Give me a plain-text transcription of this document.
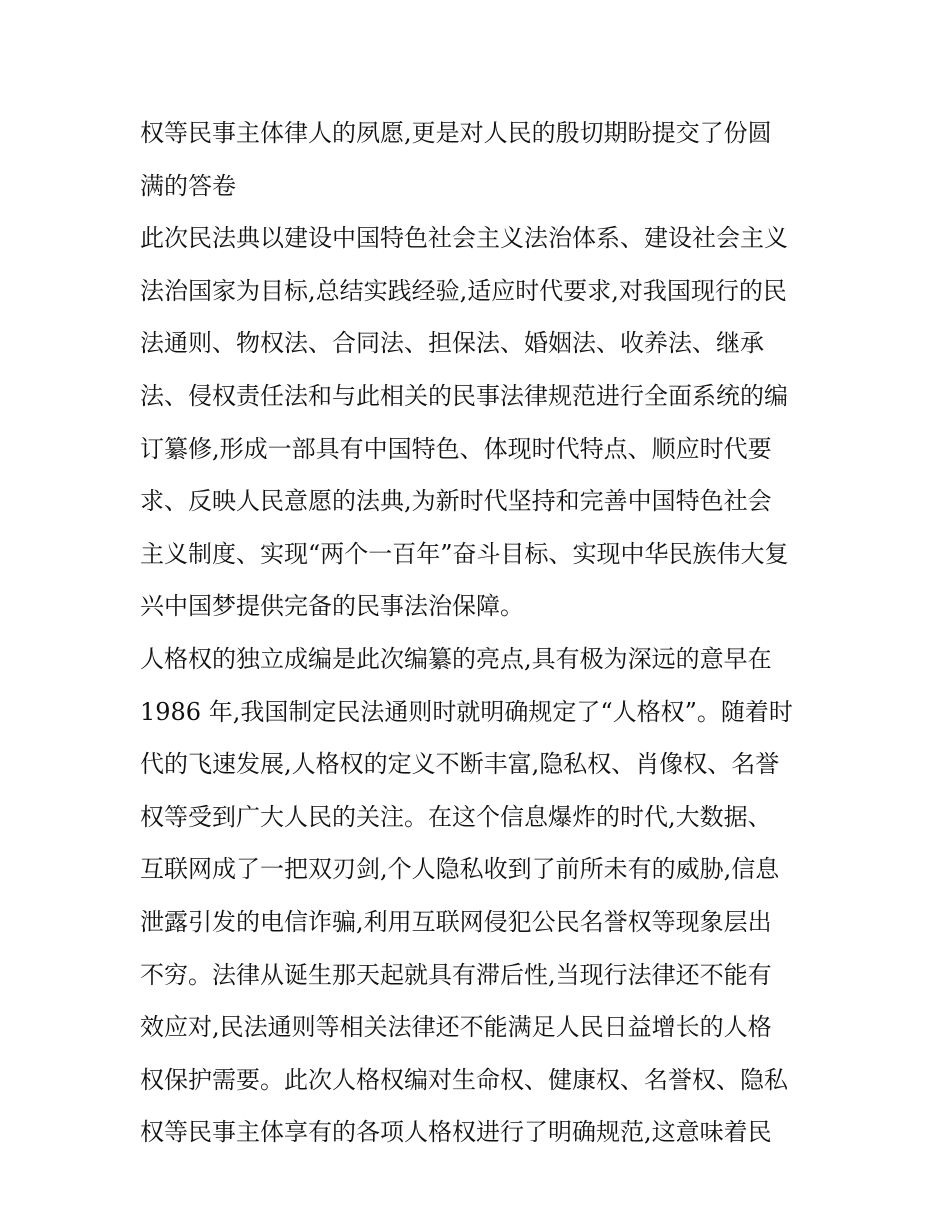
权等民事主体律人的夙愿,更是对人民的殷切期盼提交了份圆
满的答卷
此次民法典以建设中国特色社会主义法治体系、建设社会主义
法治国家为目标,总结实践经验,适应时代要求,对我国现行的民
法通则、物权法、合同法、担保法、婚姻法、收养法、继承
法、侵权责任法和与此相关的民事法律规范进行全面系统的编
订纂修,形成一部具有中国特色、体现时代特点、顺应时代要
求、反映人民意愿的法典,为新时代坚持和完善中国特色社会
主义制度、实现“两个一百年”奋斗目标、实现中华民族伟大复
兴中国梦提供完备的民事法治保障。
人格权的独立成编是此次编纂的亮点,具有极为深远的意早在
1986 年,我国制定民法通则时就明确规定了“人格权”。随着时
代的飞速发展,人格权的定义不断丰富,隐私权、肖像权、名誉
权等受到广大人民的关注。在这个信息爆炸的时代,大数据、
互联网成了一把双刃剑,个人隐私收到了前所未有的威胁,信息
泄露引发的电信诈骗,利用互联网侵犯公民名誉权等现象层出
不穷。法律从诞生那天起就具有滞后性,当现行法律还不能有
效应对,民法通则等相关法律还不能满足人民日益增长的人格
权保护需要。此次人格权编对生命权、健康权、名誉权、隐私
权等民事主体享有的各项人格权进行了明确规范,这意味着民
